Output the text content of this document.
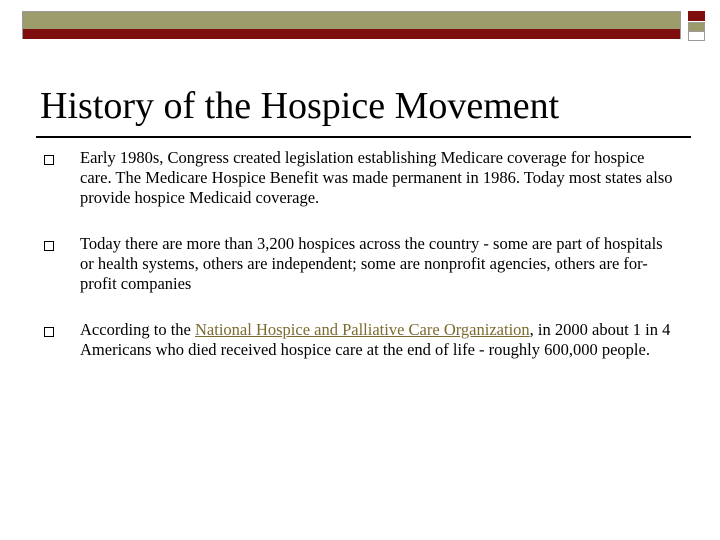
History of the Hospice Movement
Early 1980s, Congress created legislation establishing Medicare coverage for hospice care. The Medicare Hospice Benefit was made permanent in 1986. Today most states also provide hospice Medicaid coverage.
Today there are more than 3,200 hospices across the country - some are part of hospitals or health systems, others are independent; some are nonprofit agencies, others are for-profit companies
According to the National Hospice and Palliative Care Organization, in 2000 about 1 in 4 Americans who died received hospice care at the end of life - roughly 600,000 people.
